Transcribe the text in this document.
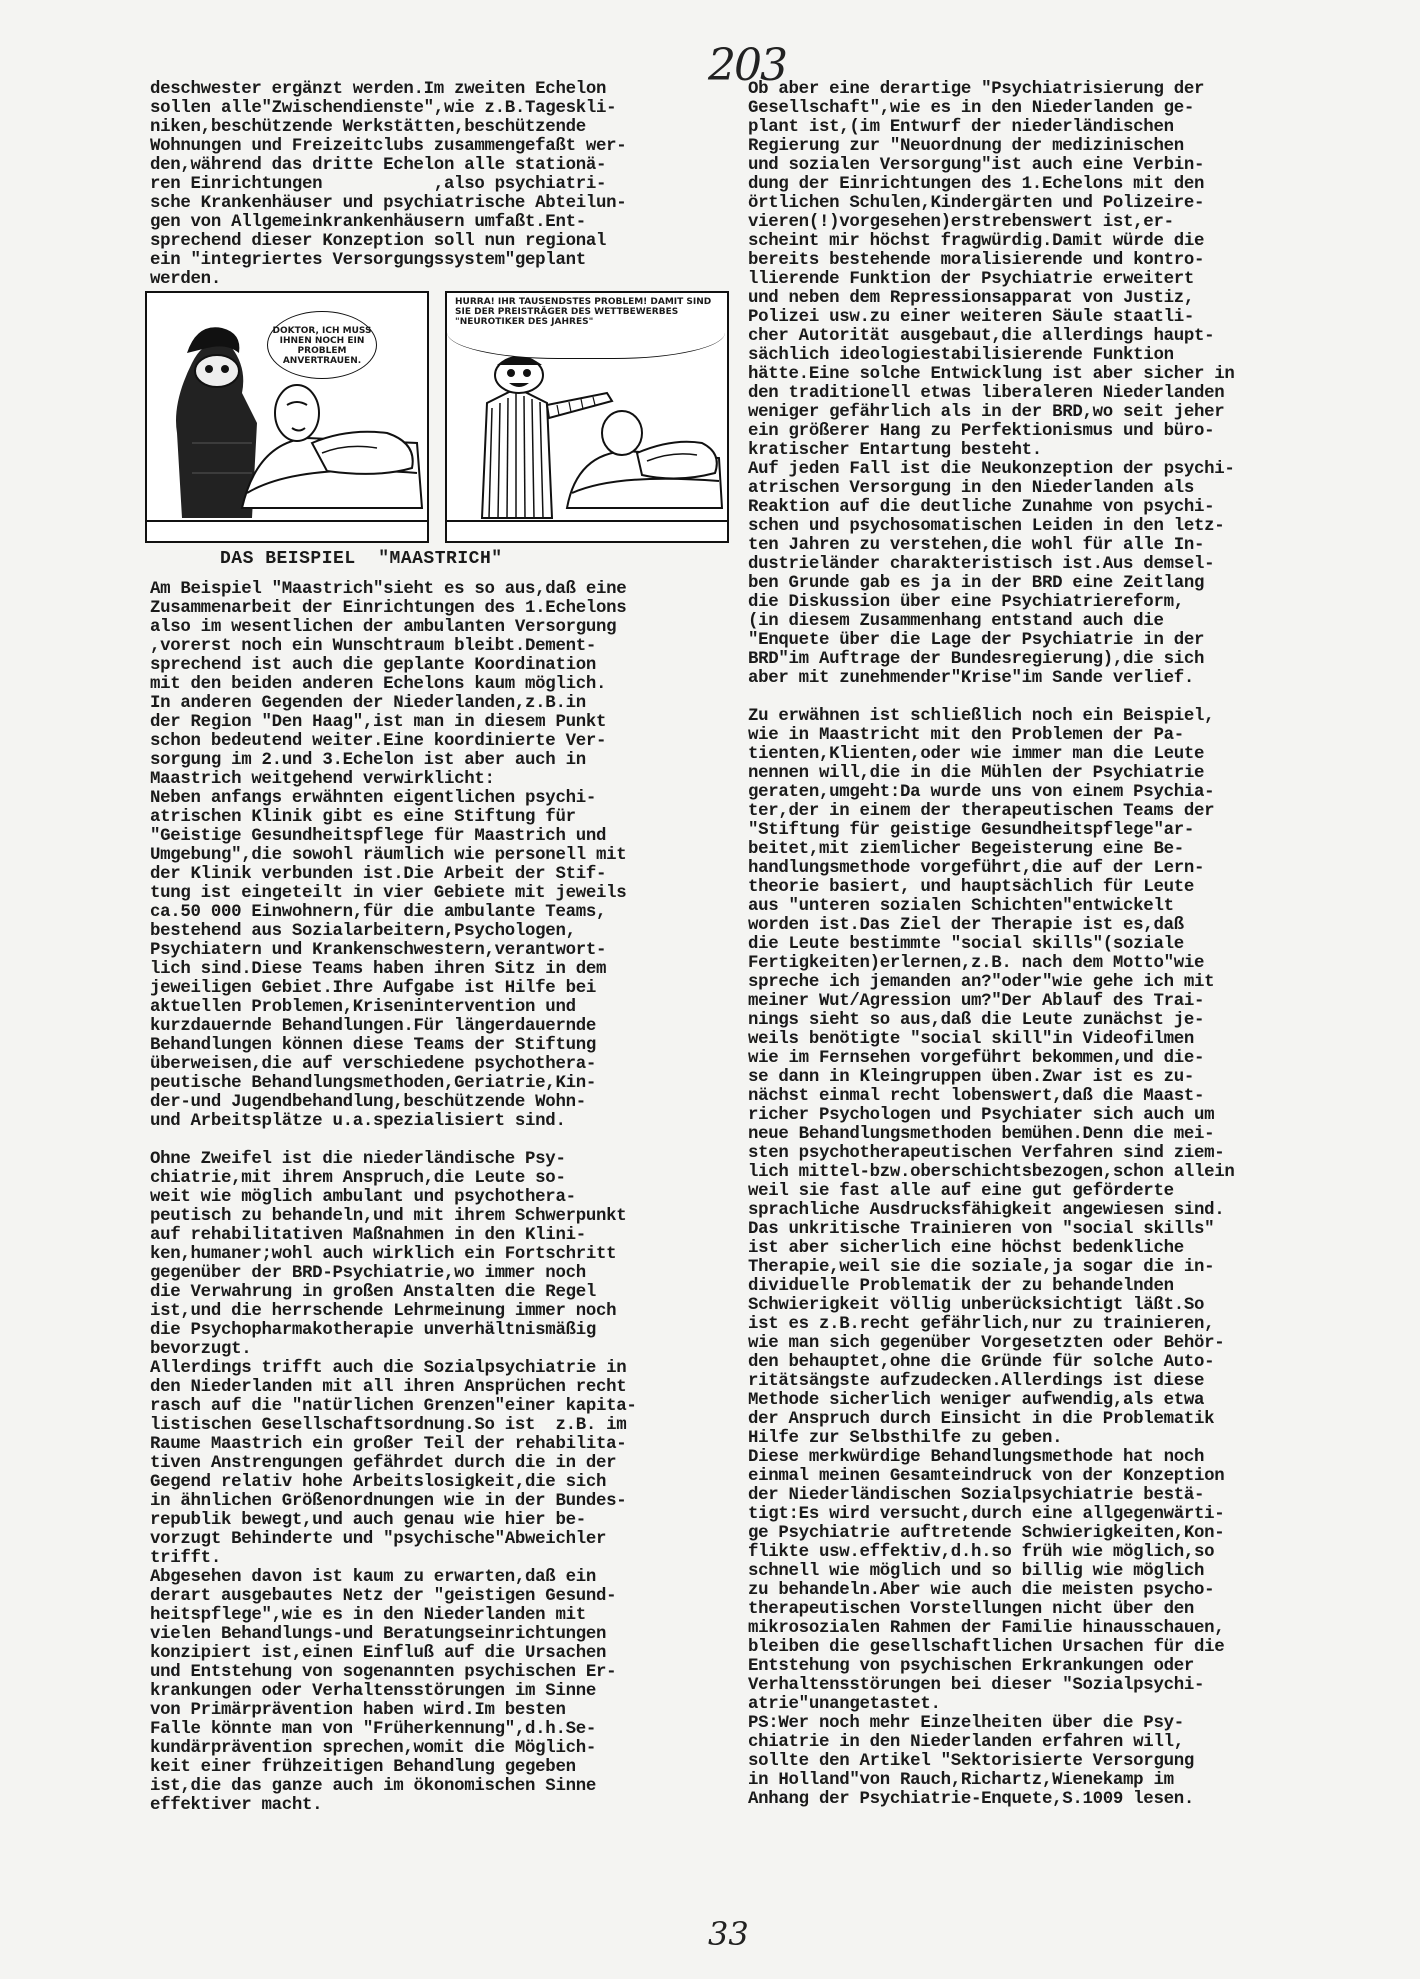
203
deschwester ergänzt werden.Im zweiten Echelon
sollen alle"Zwischendienste",wie z.B.Tageskli-
niken,beschützende Werkstätten,beschützende
Wohnungen und Freizeitclubs zusammengefaßt wer-
den,während das dritte Echelon alle stationä-
ren Einrichtungen           ,also psychiatri-
sche Krankenhäuser und psychiatrische Abteilun-
gen von Allgemeinkrankenhäusern umfaßt.Ent-
sprechend dieser Konzeption soll nun regional
ein "integriertes Versorgungssystem"geplant
werden.
DOKTOR, ICH MUSS IHNEN NOCH EIN PROBLEM ANVERTRAUEN.
HURRA! IHR TAUSENDSTES PROBLEM! DAMIT SIND SIE DER PREISTRÄGER DES WETTBEWERBES "NEUROTIKER DES JAHRES"
DAS BEISPIEL  "MAASTRICH"
Am Beispiel "Maastrich"sieht es so aus,daß eine
Zusammenarbeit der Einrichtungen des 1.Echelons
also im wesentlichen der ambulanten Versorgung
,vorerst noch ein Wunschtraum bleibt.Dement-
sprechend ist auch die geplante Koordination
mit den beiden anderen Echelons kaum möglich.
In anderen Gegenden der Niederlanden,z.B.in
der Region "Den Haag",ist man in diesem Punkt
schon bedeutend weiter.Eine koordinierte Ver-
sorgung im 2.und 3.Echelon ist aber auch in
Maastrich weitgehend verwirklicht:
Neben anfangs erwähnten eigentlichen psychi-
atrischen Klinik gibt es eine Stiftung für
"Geistige Gesundheitspflege für Maastrich und
Umgebung",die sowohl räumlich wie personell mit
der Klinik verbunden ist.Die Arbeit der Stif-
tung ist eingeteilt in vier Gebiete mit jeweils
ca.50 000 Einwohnern,für die ambulante Teams,
bestehend aus Sozialarbeitern,Psychologen,
Psychiatern und Krankenschwestern,verantwort-
lich sind.Diese Teams haben ihren Sitz in dem
jeweiligen Gebiet.Ihre Aufgabe ist Hilfe bei
aktuellen Problemen,Krisenintervention und
kurzdauernde Behandlungen.Für längerdauernde
Behandlungen können diese Teams der Stiftung
überweisen,die auf verschiedene psychothera-
peutische Behandlungsmethoden,Geriatrie,Kin-
der-und Jugendbehandlung,beschützende Wohn-
und Arbeitsplätze u.a.spezialisiert sind.
Ohne Zweifel ist die niederländische Psy-
chiatrie,mit ihrem Anspruch,die Leute so-
weit wie möglich ambulant und psychothera-
peutisch zu behandeln,und mit ihrem Schwerpunkt
auf rehabilitativen Maßnahmen in den Klini-
ken,humaner;wohl auch wirklich ein Fortschritt
gegenüber der BRD-Psychiatrie,wo immer noch
die Verwahrung in großen Anstalten die Regel
ist,und die herrschende Lehrmeinung immer noch
die Psychopharmakotherapie unverhältnismäßig
bevorzugt.
Allerdings trifft auch die Sozialpsychiatrie in
den Niederlanden mit all ihren Ansprüchen recht
rasch auf die "natürlichen Grenzen"einer kapita-
listischen Gesellschaftsordnung.So ist  z.B. im
Raume Maastrich ein großer Teil der rehabilita-
tiven Anstrengungen gefährdet durch die in der
Gegend relativ hohe Arbeitslosigkeit,die sich
in ähnlichen Größenordnungen wie in der Bundes-
republik bewegt,und auch genau wie hier be-
vorzugt Behinderte und "psychische"Abweichler
trifft.
Abgesehen davon ist kaum zu erwarten,daß ein
derart ausgebautes Netz der "geistigen Gesund-
heitspflege",wie es in den Niederlanden mit
vielen Behandlungs-und Beratungseinrichtungen
konzipiert ist,einen Einfluß auf die Ursachen
und Entstehung von sogenannten psychischen Er-
krankungen oder Verhaltensstörungen im Sinne
von Primärprävention haben wird.Im besten
Falle könnte man von "Früherkennung",d.h.Se-
kundärprävention sprechen,womit die Möglich-
keit einer frühzeitigen Behandlung gegeben
ist,die das ganze auch im ökonomischen Sinne
effektiver macht.
Ob aber eine derartige "Psychiatrisierung der
Gesellschaft",wie es in den Niederlanden ge-
plant ist,(im Entwurf der niederländischen
Regierung zur "Neuordnung der medizinischen
und sozialen Versorgung"ist auch eine Verbin-
dung der Einrichtungen des 1.Echelons mit den
örtlichen Schulen,Kindergärten und Polizeire-
vieren(!)vorgesehen)erstrebenswert ist,er-
scheint mir höchst fragwürdig.Damit würde die
bereits bestehende moralisierende und kontro-
llierende Funktion der Psychiatrie erweitert
und neben dem Repressionsapparat von Justiz,
Polizei usw.zu einer weiteren Säule staatli-
cher Autorität ausgebaut,die allerdings haupt-
sächlich ideologiestabilisierende Funktion
hätte.Eine solche Entwicklung ist aber sicher in
den traditionell etwas liberaleren Niederlanden
weniger gefährlich als in der BRD,wo seit jeher
ein größerer Hang zu Perfektionismus und büro-
kratischer Entartung besteht.
Auf jeden Fall ist die Neukonzeption der psychi-
atrischen Versorgung in den Niederlanden als
Reaktion auf die deutliche Zunahme von psychi-
schen und psychosomatischen Leiden in den letz-
ten Jahren zu verstehen,die wohl für alle In-
dustrieländer charakteristisch ist.Aus demsel-
ben Grunde gab es ja in der BRD eine Zeitlang
die Diskussion über eine Psychiatriereform,
(in diesem Zusammenhang entstand auch die
"Enquete über die Lage der Psychiatrie in der
BRD"im Auftrage der Bundesregierung),die sich
aber mit zunehmender"Krise"im Sande verlief.
Zu erwähnen ist schließlich noch ein Beispiel,
wie in Maastricht mit den Problemen der Pa-
tienten,Klienten,oder wie immer man die Leute
nennen will,die in die Mühlen der Psychiatrie
geraten,umgeht:Da wurde uns von einem Psychia-
ter,der in einem der therapeutischen Teams der
"Stiftung für geistige Gesundheitspflege"ar-
beitet,mit ziemlicher Begeisterung eine Be-
handlungsmethode vorgeführt,die auf der Lern-
theorie basiert, und hauptsächlich für Leute
aus "unteren sozialen Schichten"entwickelt
worden ist.Das Ziel der Therapie ist es,daß
die Leute bestimmte "social skills"(soziale
Fertigkeiten)erlernen,z.B. nach dem Motto"wie
spreche ich jemanden an?"oder"wie gehe ich mit
meiner Wut/Agression um?"Der Ablauf des Trai-
nings sieht so aus,daß die Leute zunächst je-
weils benötigte "social skill"in Videofilmen
wie im Fernsehen vorgeführt bekommen,und die-
se dann in Kleingruppen üben.Zwar ist es zu-
nächst einmal recht lobenswert,daß die Maast-
richer Psychologen und Psychiater sich auch um
neue Behandlungsmethoden bemühen.Denn die mei-
sten psychotherapeutischen Verfahren sind ziem-
lich mittel-bzw.oberschichtsbezogen,schon allein
weil sie fast alle auf eine gut geförderte
sprachliche Ausdrucksfähigkeit angewiesen sind.
Das unkritische Trainieren von "social skills"
ist aber sicherlich eine höchst bedenkliche
Therapie,weil sie die soziale,ja sogar die in-
dividuelle Problematik der zu behandelnden
Schwierigkeit völlig unberücksichtigt läßt.So
ist es z.B.recht gefährlich,nur zu trainieren,
wie man sich gegenüber Vorgesetzten oder Behör-
den behauptet,ohne die Gründe für solche Auto-
ritätsängste aufzudecken.Allerdings ist diese
Methode sicherlich weniger aufwendig,als etwa
der Anspruch durch Einsicht in die Problematik
Hilfe zur Selbsthilfe zu geben.
Diese merkwürdige Behandlungsmethode hat noch
einmal meinen Gesamteindruck von der Konzeption
der Niederländischen Sozialpsychiatrie bestä-
tigt:Es wird versucht,durch eine allgegenwärti-
ge Psychiatrie auftretende Schwierigkeiten,Kon-
flikte usw.effektiv,d.h.so früh wie möglich,so
schnell wie möglich und so billig wie möglich
zu behandeln.Aber wie auch die meisten psycho-
therapeutischen Vorstellungen nicht über den
mikrosozialen Rahmen der Familie hinausschauen,
bleiben die gesellschaftlichen Ursachen für die
Entstehung von psychischen Erkrankungen oder
Verhaltensstörungen bei dieser "Sozialpsychi-
atrie"unangetastet.
PS:Wer noch mehr Einzelheiten über die Psy-
chiatrie in den Niederlanden erfahren will,
sollte den Artikel "Sektorisierte Versorgung
in Holland"von Rauch,Richartz,Wienekamp im
Anhang der Psychiatrie-Enquete,S.1009 lesen.
33
